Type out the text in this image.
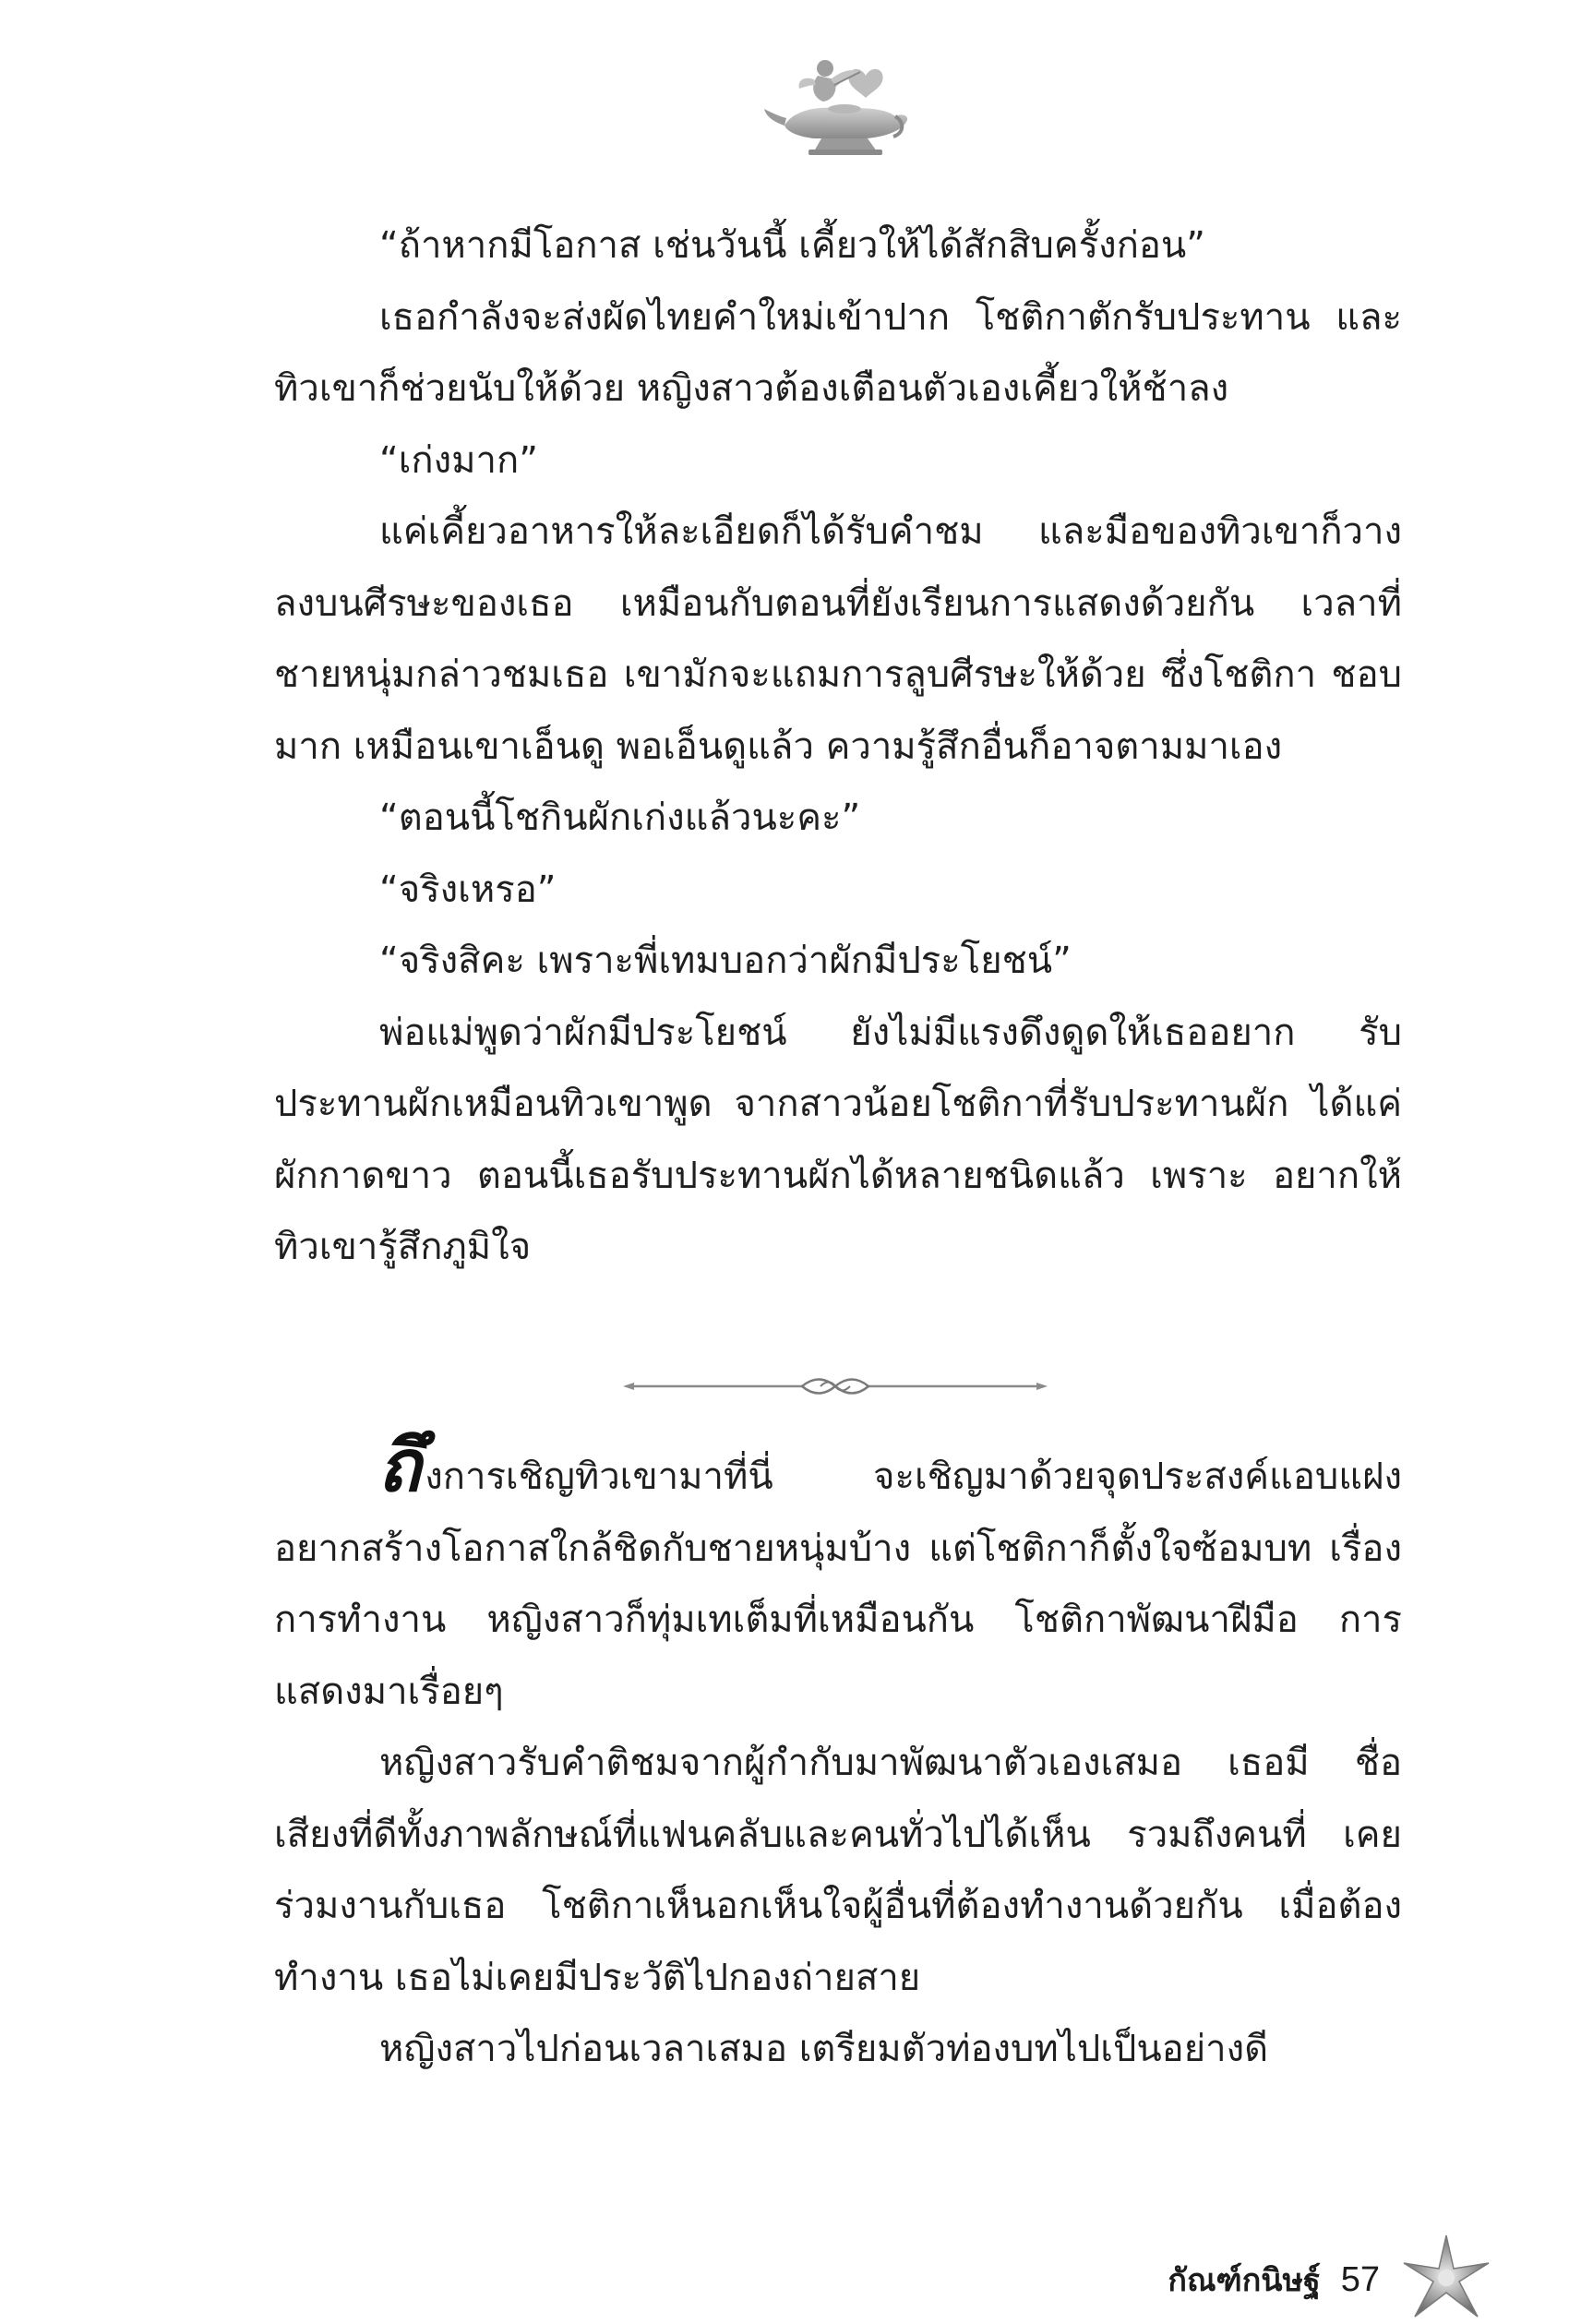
“ถ้าหากมีโอกาส เช่นวันนี้ เคี้ยวให้ได้สักสิบครั้งก่อน”

เธอกำลังจะส่งผัดไทยคำใหม่เข้าปาก โชติกาตักรับประทาน และทิวเขาก็ช่วยนับให้ด้วย หญิงสาวต้องเตือนตัวเองเคี้ยวให้ช้าลง

“เก่งมาก”

แค่เคี้ยวอาหารให้ละเอียดก็ได้รับคำชม และมือของทิวเขาก็วาง ลงบนศีรษะของเธอ เหมือนกับตอนที่ยังเรียนการแสดงด้วยกัน เวลาที่ ชายหนุ่มกล่าวชมเธอ เขามักจะแถมการลูบศีรษะให้ด้วย ซึ่งโชติกา ชอบมาก เหมือนเขาเอ็นดู พอเอ็นดูแล้ว ความรู้สึกอื่นก็อาจตามมาเอง

“ตอนนี้โชกินผักเก่งแล้วนะคะ”

“จริงเหรอ”

“จริงสิคะ เพราะพี่เทมบอกว่าผักมีประโยชน์”

พ่อแม่พูดว่าผักมีประโยชน์ ยังไม่มีแรงดึงดูดให้เธออยาก รับประทานผักเหมือนทิวเขาพูด จากสาวน้อยโชติกาที่รับประทานผัก ได้แค่ผักกาดขาว ตอนนี้เธอรับประทานผักได้หลายชนิดแล้ว เพราะ อยากให้ทิวเขารู้สึกภูมิใจ

ถึงการเชิญทิวเขามาที่นี่ จะเชิญมาด้วยจุดประสงค์แอบแฝง อยากสร้างโอกาสใกล้ชิดกับชายหนุ่มบ้าง แต่โชติกาก็ตั้งใจซ้อมบท เรื่องการทำงาน หญิงสาวก็ทุ่มเทเต็มที่เหมือนกัน โชติกาพัฒนาฝีมือ การแสดงมาเรื่อยๆ

หญิงสาวรับคำติชมจากผู้กำกับมาพัฒนาตัวเองเสมอ เธอมี ชื่อเสียงที่ดีทั้งภาพลักษณ์ที่แฟนคลับและคนทั่วไปได้เห็น รวมถึงคนที่ เคยร่วมงานกับเธอ โชติกาเห็นอกเห็นใจผู้อื่นที่ต้องทำงานด้วยกัน เมื่อต้องทำงาน เธอไม่เคยมีประวัติไปกองถ่ายสาย

หญิงสาวไปก่อนเวลาเสมอ เตรียมตัวท่องบทไปเป็นอย่างดี

กัณฑ์กนิษฐ์ 57
